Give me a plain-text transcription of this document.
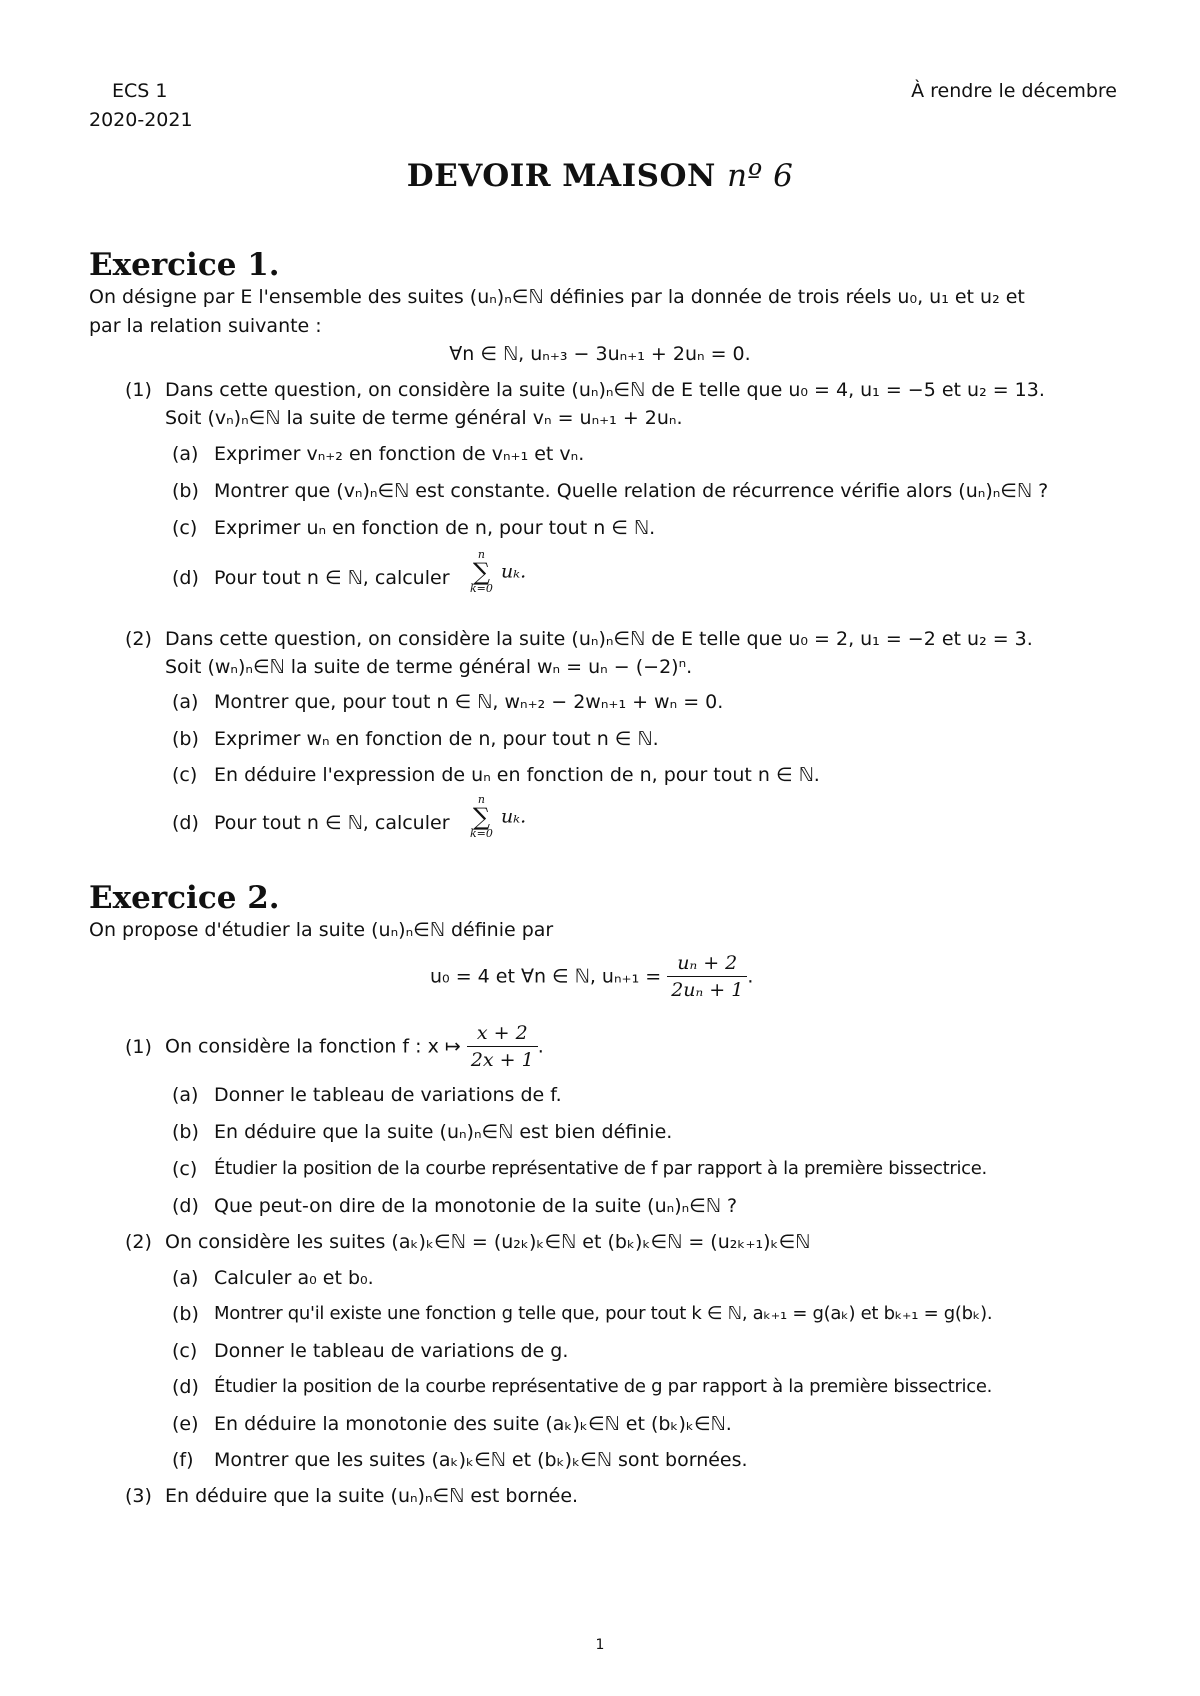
ECS 1
2020-2021
À rendre le décembre
DEVOIR MAISON nº 6
Exercice 1.
On désigne par E l'ensemble des suites (uₙ)ₙ∈ℕ définies par la donnée de trois réels u₀, u₁ et u₂ et
par la relation suivante :
∀n ∈ ℕ, uₙ₊₃ − 3uₙ₊₁ + 2uₙ = 0.
(1) Dans cette question, on considère la suite (uₙ)ₙ∈ℕ de E telle que u₀ = 4, u₁ = −5 et u₂ = 13.
Soit (vₙ)ₙ∈ℕ la suite de terme général vₙ = uₙ₊₁ + 2uₙ.
(a) Exprimer vₙ₊₂ en fonction de vₙ₊₁ et vₙ.
(b) Montrer que (vₙ)ₙ∈ℕ est constante. Quelle relation de récurrence vérifie alors (uₙ)ₙ∈ℕ ?
(c) Exprimer uₙ en fonction de n, pour tout n ∈ ℕ.
(d) Pour tout n ∈ ℕ, calculer
n
∑
k=0
uₖ.
(2) Dans cette question, on considère la suite (uₙ)ₙ∈ℕ de E telle que u₀ = 2, u₁ = −2 et u₂ = 3.
Soit (wₙ)ₙ∈ℕ la suite de terme général wₙ = uₙ − (−2)ⁿ.
(a) Montrer que, pour tout n ∈ ℕ, wₙ₊₂ − 2wₙ₊₁ + wₙ = 0.
(b) Exprimer wₙ en fonction de n, pour tout n ∈ ℕ.
(c) En déduire l'expression de uₙ en fonction de n, pour tout n ∈ ℕ.
(d) Pour tout n ∈ ℕ, calculer
n
∑
k=0
uₖ.
Exercice 2.
On propose d'étudier la suite (uₙ)ₙ∈ℕ définie par
u₀ = 4 et ∀n ∈ ℕ, $u_{n+1} = \frac{\text{uₙ + 2}}{\text{2uₙ + 1}}$ .
(1) On considère la fonction f : x ↦ $\frac{x + 2}{2x + 1}$ .
(a) Donner le tableau de variations de f.
(b) En déduire que la suite (uₙ)ₙ∈ℕ est bien définie.
(c) Étudier la position de la courbe représentative de f par rapport à la première bissectrice.
(d) Que peut-on dire de la monotonie de la suite (uₙ)ₙ∈ℕ ?
(2) On considère les suites (aₖ)ₖ∈ℕ = (u₂ₖ)ₖ∈ℕ et (bₖ)ₖ∈ℕ = (u₂ₖ₊₁)ₖ∈ℕ
(a) Calculer a₀ et b₀.
(b) Montrer qu'il existe une fonction g telle que, pour tout k ∈ ℕ, aₖ₊₁ = g(aₖ) et bₖ₊₁ = g(bₖ).
(c) Donner le tableau de variations de g.
(d) Étudier la position de la courbe représentative de g par rapport à la première bissectrice.
(e) En déduire la monotonie des suite (aₖ)ₖ∈ℕ et (bₖ)ₖ∈ℕ.
(f) Montrer que les suites (aₖ)ₖ∈ℕ et (bₖ)ₖ∈ℕ sont bornées.
(3) En déduire que la suite (uₙ)ₙ∈ℕ est bornée.
1
